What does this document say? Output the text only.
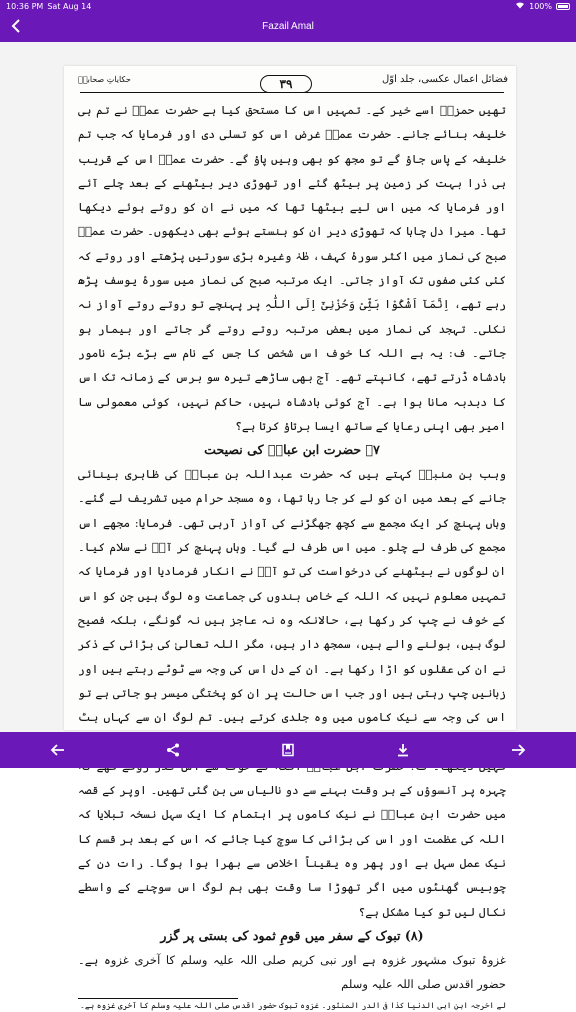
10:36 PM Sat Aug 14	100%
Fazail Amal
فضائل اعمال عکسی، جلد اوّل
۳۹
حکایاتِ صحابہؓ

تھیں حمزہؓ اسے خیر کے۔ تمہیں اس کا مستحق کیا ہے حضرت عمرؓ نے تم ہی خلیفہ بنائے جانے۔ حضرت عمرؓ غرض اس کو تسلی دی اور فرمایا کہ جب تم خلیفہ کے پاس جاؤ گے تو مجھ کو بھی وہیں پاؤ گے۔ حضرت عمرؓ اس کے قریب ہی ذرا بہت کر زمین پر بیٹھ گئے اور تھوڑی دیر بیٹھنے کے بعد چلے آئے اور فرمایا کہ میں اس لیے بیٹھا تھا کہ میں نے ان کو روتے ہوئے دیکھا تھا۔ میرا دل چاہا کہ تھوڑی دیر ان کو ہنستے ہوئے بھی دیکھوں۔ حضرت عمرؓ صبح کی نماز میں اکثر سورۂ کہف، طٰہٰ وغیرہ بڑی سورتیں پڑھتے اور روتے کہ کئی کئی صفوں تک آواز جاتی۔ ایک مرتبہ صبح کی نماز میں سورۂ یوسف پڑھ رہے تھے، اِنَّمَآ اَشْکُوْا بَثِّیْ وَحُزْنِیْٓ اِلَی اللّٰہِ پر پہنچے تو روتے روتے آواز نہ نکلی۔ تہجد کی نماز میں بعض مرتبہ روتے روتے گر جاتے اور بیمار ہو جاتے۔ ف: یہ ہے اللہ کا خوف اس شخص کا جس کے نام سے بڑے بڑے نامور بادشاہ ڈرتے تھے، کانپتے تھے۔ آج بھی ساڑھے تیرہ سو برس کے زمانہ تک اس کا دبدبہ مانا ہوا ہے۔ آج کوئی بادشاہ نہیں، حاکم نہیں، کوئی معمولی سا امیر بھی اپنی رعایا کے ساتھ ایسا برتاؤ کرتا ہے؟

۷۔ حضرت ابن عباسؓ کی نصیحت

وہب بن منبہؒ کہتے ہیں کہ حضرت عبداللہ بن عباسؓ کی ظاہری بینائی جانے کے بعد میں ان کو لے کر جا رہا تھا، وہ مسجد حرام میں تشریف لے گئے۔ وہاں پہنچ کر ایک مجمع سے کچھ جھگڑنے کی آواز آرہی تھی۔ فرمایا: مجھے اس مجمع کی طرف لے چلو۔ میں اس طرف لے گیا۔ وہاں پہنچ کر آپؓ نے سلام کیا۔ ان لوگوں نے بیٹھنے کی درخواست کی تو آپؓ نے انکار فرمادیا اور فرمایا کہ تمہیں معلوم نہیں کہ اللہ کے خاص بندوں کی جماعت وہ لوگ ہیں جن کو اس کے خوف نے چپ کر رکھا ہے، حالانکہ وہ نہ عاجز ہیں نہ گونگے، بلکہ فصیح لوگ ہیں، بولنے والے ہیں، سمجھ دار ہیں، مگر اللہ تعالیٰ کی بڑائی کے ذکر نے ان کی عقلوں کو اڑا رکھا ہے۔ ان کے دل اس کی وجہ سے ٹوٹے رہتے ہیں اور زبانیں چپ رہتی ہیں اور جب اس حالت پر ان کو پختگی میسر ہو جاتی ہے تو اس کی وجہ سے نیک کاموں میں وہ جلدی کرتے ہیں۔ تم لوگ ان سے کہاں ہٹ چہرہ پر آنسوؤں کے ہر وقت بہنے سے دو نالیاں سی بن گئی تھیں۔ اوپر کے قصہ میں حضرت ابن عباسؓ نے نیک کاموں پر اہتمام کا ایک سہل نسخہ تبلایا کہ اللہ کی عظمت اور اس کی بڑائی کا سوچ کیا جائے کہ اس کے بعد ہر قسم کا نیک عمل سہل ہے اور پھر وہ یقیناً اخلاص سے بھرا ہوا ہوگا۔ رات دن کے چوبیس گھنٹوں میں اگر تھوڑا سا وقت بھی ہم لوگ اس سوچنے کے واسطے نکال لیں تو کیا مشکل ہے؟

(۸) تبوک کے سفر میں قومِ ثمود کی بستی پر گزر

غزوۂ تبوک مشہور غزوہ ہے اور نبی کریم صلی اللہ علیہ وسلم کا آخری غزوہ ہے۔ حضور اقدس صلی اللہ علیہ وسلم

لے اخرجہ ابن ابی الدنیا کذا فی الدر المنثور۔ غزوہ تبوک حضور اقدس صلی اللہ علیہ وسلم کا آخری غزوہ ہے۔
